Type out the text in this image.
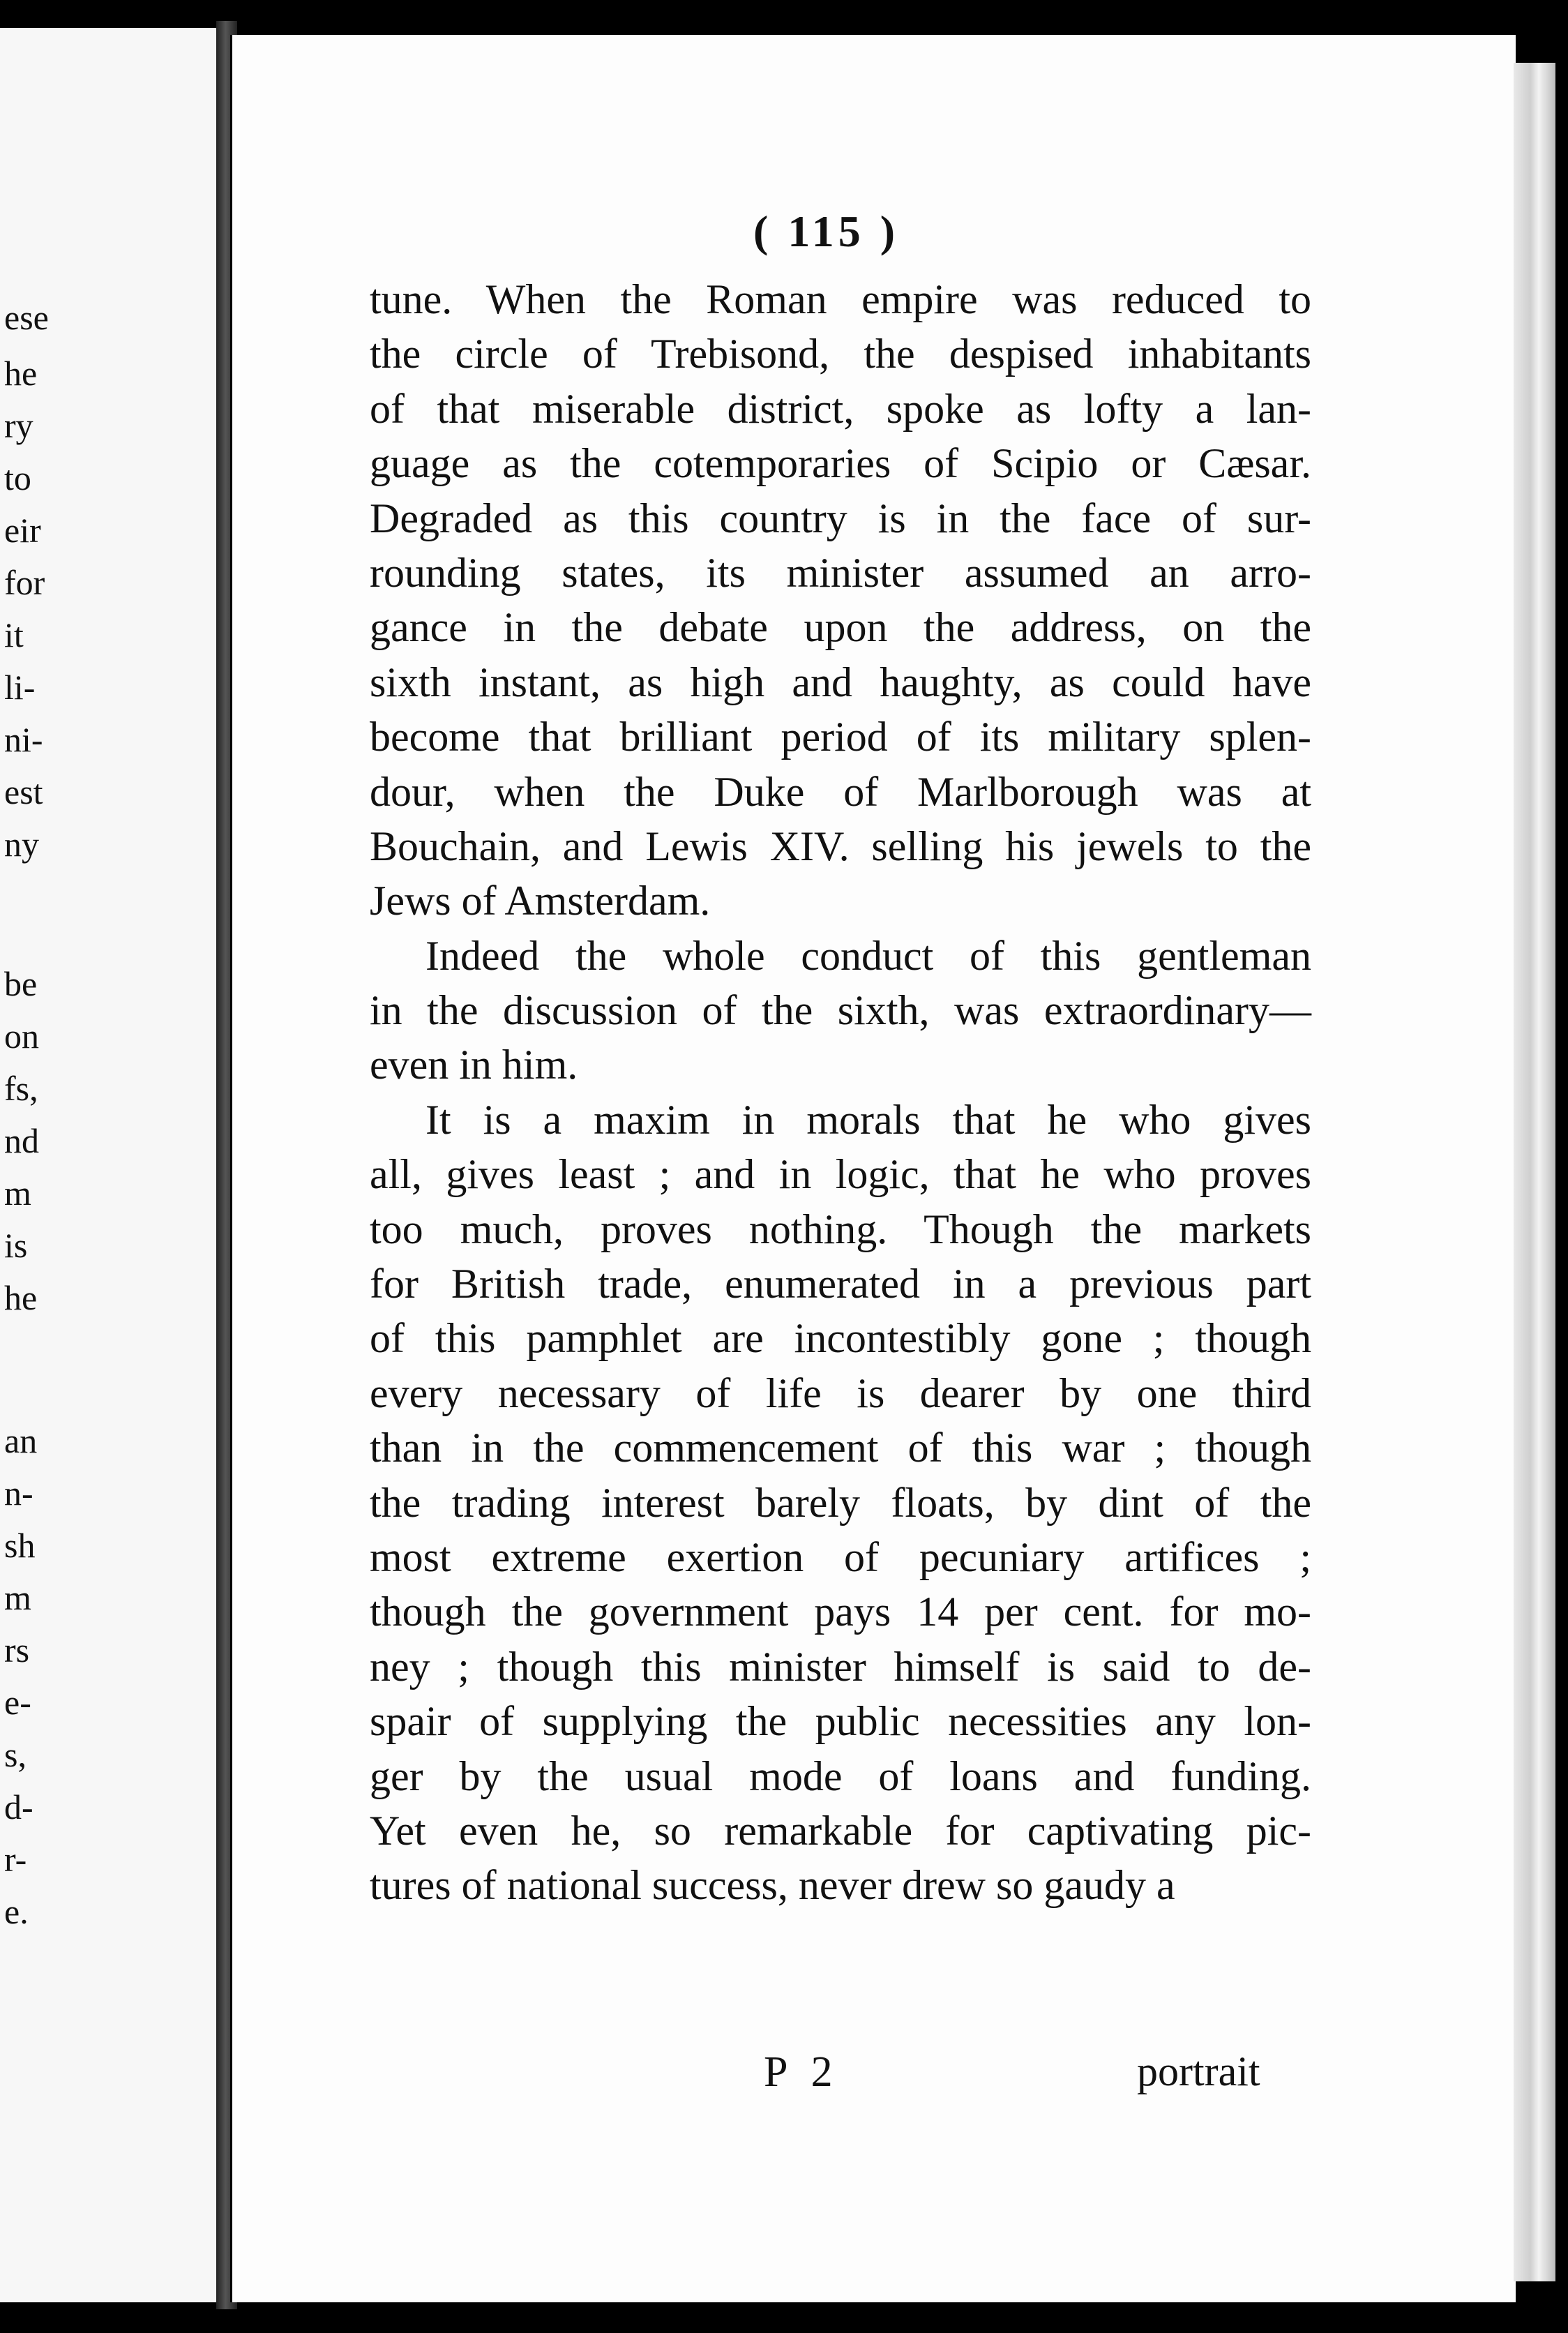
ese
he
ry
to
eir
for
it
li-
ni-
est
ny
be
on
fs,
nd
m
is
he
an
n-
sh
m
rs
e-
s,
d-
r-
e.
( 115 )
tune. When the Roman empire was reduced to
the circle of Trebisond, the despised inhabitants
of that miserable district, spoke as lofty a lan-
guage as the cotemporaries of Scipio or Cæsar.
Degraded as this country is in the face of sur-
rounding states, its minister assumed an arro-
gance in the debate upon the address, on the
sixth instant, as high and haughty, as could have
become that brilliant period of its military splen-
dour, when the Duke of Marlborough was at
Bouchain, and Lewis XIV. selling his jewels to the
Jews of Amsterdam.
Indeed the whole conduct of this gentleman
in the discussion of the sixth, was extraordinary—
even in him.
It is a maxim in morals that he who gives
all, gives least ; and in logic, that he who proves
too much, proves nothing. Though the markets
for British trade, enumerated in a previous part
of this pamphlet are incontestibly gone ; though
every necessary of life is dearer by one third
than in the commencement of this war ; though
the trading interest barely floats, by dint of the
most extreme exertion of pecuniary artifices ;
though the government pays 14 per cent. for mo-
ney ; though this minister himself is said to de-
spair of supplying the public necessities any lon-
ger by the usual mode of loans and funding.
Yet even he, so remarkable for captivating pic-
tures of national success, never drew so gaudy a
P 2	portrait
